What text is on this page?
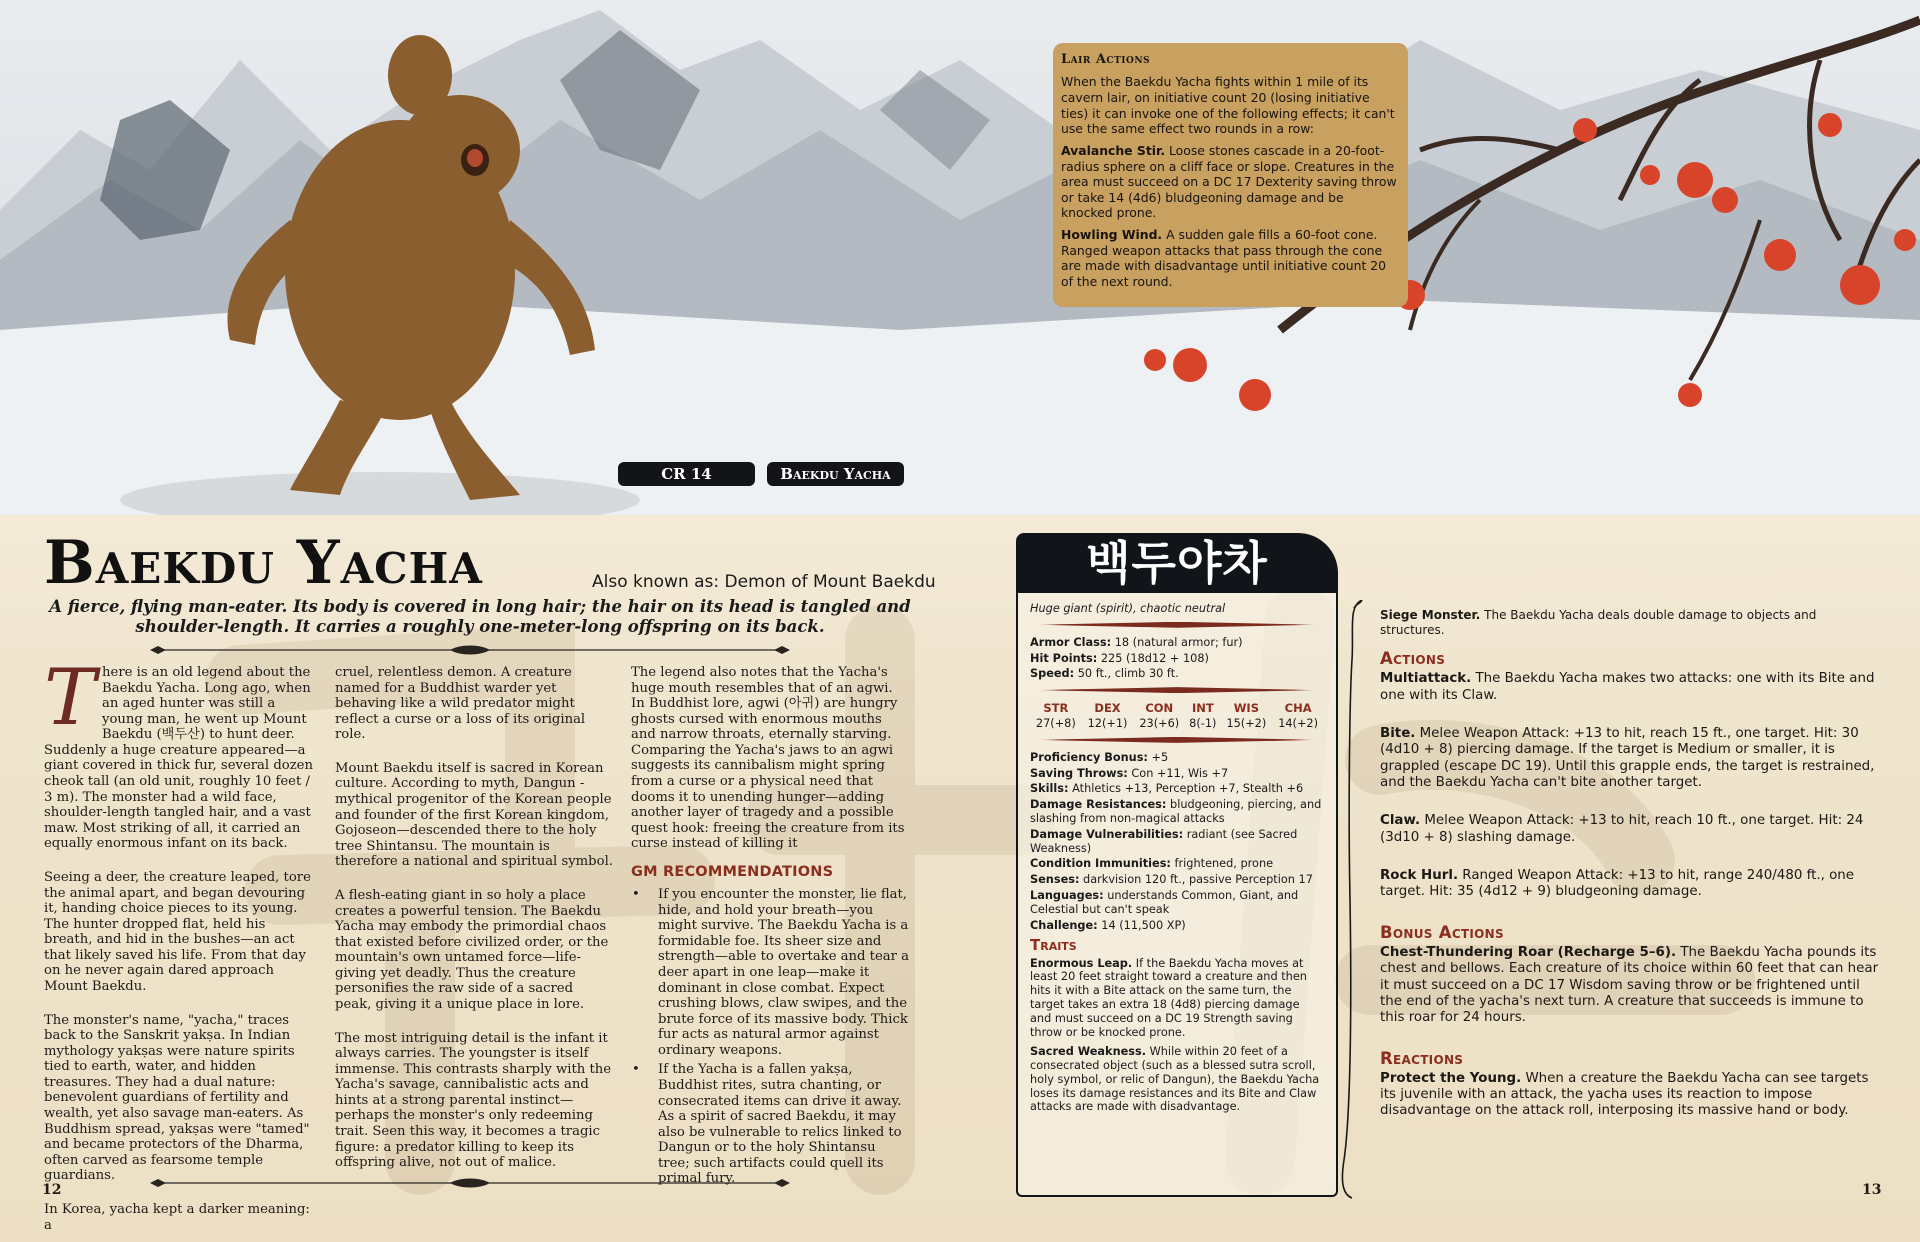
Lair Actions

When the Baekdu Yacha fights within 1 mile of its cavern lair, on initiative count 20 (losing initiative ties) it can invoke one of the following effects; it can't use the same effect two rounds in a row:

Avalanche Stir. Loose stones cascade in a 20-foot-radius sphere on a cliff face or slope. Creatures in the area must succeed on a DC 17 Dexterity saving throw or take 14 (4d6) bludgeoning damage and be knocked prone.

Howling Wind. A sudden gale fills a 60-foot cone. Ranged weapon attacks that pass through the cone are made with disadvantage until initiative count 20 of the next round.

CR 14	Baekdu Yacha
Baekdu Yacha	Also known as: Demon of Mount Baekdu
A fierce, flying man-eater. Its body is covered in long hair; the hair on its head is tangled and shoulder-length. It carries a roughly one-meter-long offspring on its back.

There is an old legend about the Baekdu Yacha. Long ago, when an aged hunter was still a young man, he went up Mount Baekdu (백두산) to hunt deer. Suddenly a huge creature appeared—a giant covered in thick fur, several dozen cheok tall (an old unit, roughly 10 feet / 3 m). The monster had a wild face, shoulder-length tangled hair, and a vast maw. Most striking of all, it carried an equally enormous infant on its back.

Seeing a deer, the creature leaped, tore the animal apart, and began devouring it, handing choice pieces to its young. The hunter dropped flat, held his breath, and hid in the bushes—an act that likely saved his life. From that day on he never again dared approach Mount Baekdu.

The monster's name, "yacha," traces back to the Sanskrit yakṣa. In Indian mythology yakṣas were nature spirits tied to earth, water, and hidden treasures. They had a dual nature: benevolent guardians of fertility and wealth, yet also savage man-eaters. As Buddhism spread, yakṣas were "tamed" and became protectors of the Dharma, often carved as fearsome temple guardians.

In Korea, yacha kept a darker meaning: a

cruel, relentless demon. A creature named for a Buddhist warder yet behaving like a wild predator might reflect a curse or a loss of its original role.

Mount Baekdu itself is sacred in Korean culture. According to myth, Dangun - mythical progenitor of the Korean people and founder of the first Korean kingdom, Gojoseon—descended there to the holy tree Shintansu. The mountain is therefore a national and spiritual symbol.

A flesh-eating giant in so holy a place creates a powerful tension. The Baekdu Yacha may embody the primordial chaos that existed before civilized order, or the mountain's own untamed force—life-giving yet deadly. Thus the creature personifies the raw side of a sacred peak, giving it a unique place in lore.

The most intriguing detail is the infant it always carries. The youngster is itself immense. This contrasts sharply with the Yacha's savage, cannibalistic acts and hints at a strong parental instinct—perhaps the monster's only redeeming trait. Seen this way, it becomes a tragic figure: a predator killing to keep its offspring alive, not out of malice.

The legend also notes that the Yacha's huge mouth resembles that of an agwi. In Buddhist lore, agwi (아귀) are hungry ghosts cursed with enormous mouths and narrow throats, eternally starving. Comparing the Yacha's jaws to an agwi suggests its cannibalism might spring from a curse or a physical need that dooms it to unending hunger—adding another layer of tragedy and a possible quest hook: freeing the creature from its curse instead of killing it

GM RECOMMENDATIONS
• If you encounter the monster, lie flat, hide, and hold your breath—you might survive. The Baekdu Yacha is a formidable foe. Its sheer size and strength—able to overtake and tear a deer apart in one leap—make it dominant in close combat. Expect crushing blows, claw swipes, and the brute force of its massive body. Thick fur acts as natural armor against ordinary weapons.
• If the Yacha is a fallen yakṣa, Buddhist rites, sutra chanting, or consecrated items can drive it away. As a spirit of sacred Baekdu, it may also be vulnerable to relics linked to Dangun or to the holy Shintansu tree; such artifacts could quell its primal fury.
12	13
백두야차
Huge giant (spirit), chaotic neutral
Armor Class: 18 (natural armor; fur)
Hit Points: 225 (18d12 + 108)
Speed: 50 ft., climb 30 ft.
STR	DEX	CON	INT	WIS	CHA
27(+8)	12(+1)	23(+6)	8(-1)	15(+2)	14(+2)
Proficiency Bonus: +5
Saving Throws: Con +11, Wis +7
Skills: Athletics +13, Perception +7, Stealth +6
Damage Resistances: bludgeoning, piercing, and slashing from non-magical attacks
Damage Vulnerabilities: radiant (see Sacred Weakness)
Condition Immunities: frightened, prone
Senses: darkvision 120 ft., passive Perception 17
Languages: understands Common, Giant, and Celestial but can't speak
Challenge: 14 (11,500 XP)
Traits
Enormous Leap. If the Baekdu Yacha moves at least 20 feet straight toward a creature and then hits it with a Bite attack on the same turn, the target takes an extra 18 (4d8) piercing damage and must succeed on a DC 19 Strength saving throw or be knocked prone.
Sacred Weakness. While within 20 feet of a consecrated object (such as a blessed sutra scroll, holy symbol, or relic of Dangun), the Baekdu Yacha loses its damage resistances and its Bite and Claw attacks are made with disadvantage.
Siege Monster. The Baekdu Yacha deals double damage to objects and structures.
Actions
Multiattack. The Baekdu Yacha makes two attacks: one with its Bite and one with its Claw.
Bite. Melee Weapon Attack: +13 to hit, reach 15 ft., one target. Hit: 30 (4d10 + 8) piercing damage. If the target is Medium or smaller, it is grappled (escape DC 19). Until this grapple ends, the target is restrained, and the Baekdu Yacha can't bite another target.
Claw. Melee Weapon Attack: +13 to hit, reach 10 ft., one target. Hit: 24 (3d10 + 8) slashing damage.
Rock Hurl. Ranged Weapon Attack: +13 to hit, range 240/480 ft., one target. Hit: 35 (4d12 + 9) bludgeoning damage.
Bonus Actions
Chest-Thundering Roar (Recharge 5–6). The Baekdu Yacha pounds its chest and bellows. Each creature of its choice within 60 feet that can hear it must succeed on a DC 17 Wisdom saving throw or be frightened until the end of the yacha's next turn. A creature that succeeds is immune to this roar for 24 hours.
Reactions
Protect the Young. When a creature the Baekdu Yacha can see targets its juvenile with an attack, the yacha uses its reaction to impose disadvantage on the attack roll, interposing its massive hand or body.
